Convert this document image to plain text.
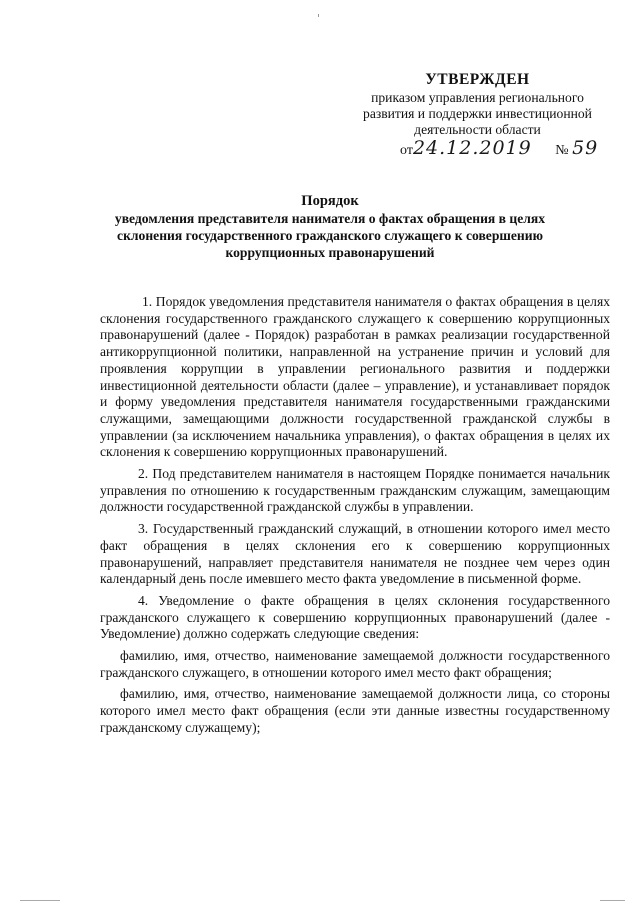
УТВЕРЖДЕН
приказом управления регионального
развития и поддержки инвестиционной
деятельности области
от24.12.2019 № 59
Порядок
уведомления представителя нанимателя о фактах обращения в целях склонения государственного гражданского служащего к совершению коррупционных правонарушений

1. Порядок уведомления представителя нанимателя о фактах обращения в целях склонения государственного гражданского служащего к совершению коррупционных правонарушений (далее - Порядок) разработан в рамках реализации государственной антикоррупционной политики, направленной на устранение причин и условий для проявления коррупции в управлении регионального развития и поддержки инвестиционной деятельности области (далее – управление), и устанавливает порядок и форму уведомления представителя нанимателя государственными гражданскими служащими, замещающими должности государственной гражданской службы в управлении (за исключением начальника управления), о фактах обращения в целях их склонения к совершению коррупционных правонарушений.

2. Под представителем нанимателя в настоящем Порядке понимается начальник управления по отношению к государственным гражданским служащим, замещающим должности государственной гражданской службы в управлении.

3. Государственный гражданский служащий, в отношении которого имел место факт обращения в целях склонения его к совершению коррупционных правонарушений, направляет представителя нанимателя не позднее чем через один календарный день после имевшего место факта уведомление в письменной форме.

4. Уведомление о факте обращения в целях склонения государственного гражданского служащего к совершению коррупционных правонарушений (далее - Уведомление) должно содержать следующие сведения:

фамилию, имя, отчество, наименование замещаемой должности государственного гражданского служащего, в отношении которого имел место факт обращения;

фамилию, имя, отчество, наименование замещаемой должности лица, со стороны которого имел место факт обращения (если эти данные известны государственному гражданскому служащему);
